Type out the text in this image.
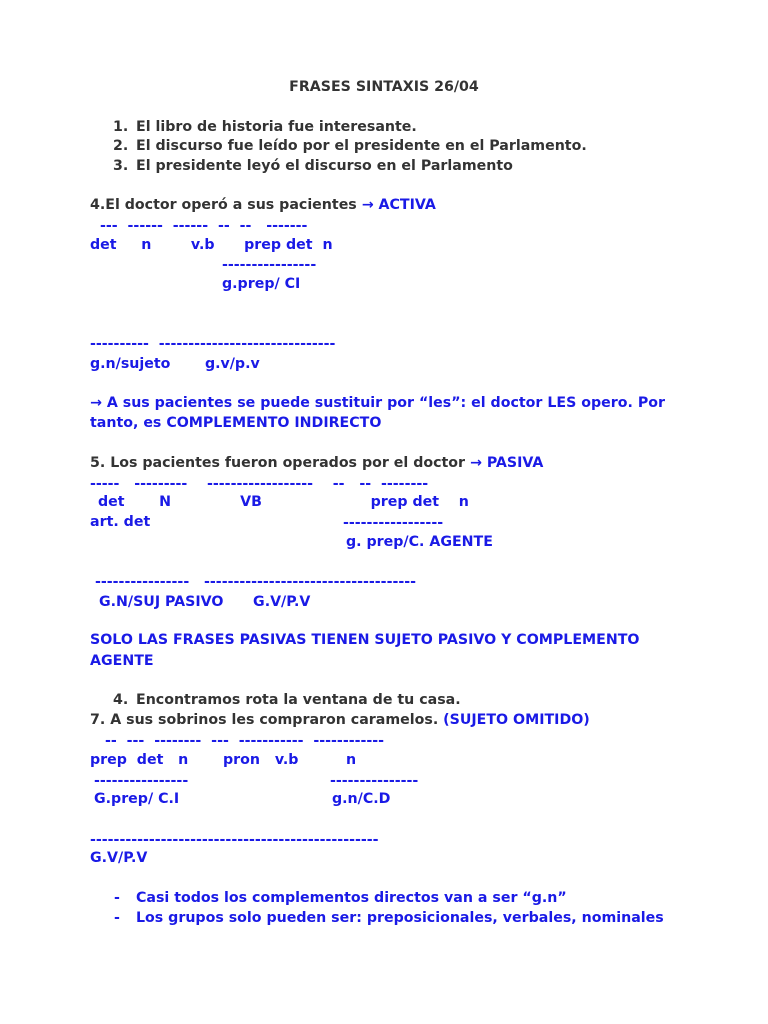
FRASES SINTAXIS 26/04
1. El libro de historia fue interesante.
2. El discurso fue leído por el presidente en el Parlamento.
3. El presidente leyó el discurso en el Parlamento
4.El doctor operó a sus pacientes → ACTIVA
---  ------  ------  --  --   -------
det     n        v.b      prep det  n
----------------
g.prep/ CI
----------  ------------------------------
g.n/sujeto       g.v/p.v
→ A sus pacientes se puede sustituir por “les”: el doctor LES opero. Por
tanto, es COMPLEMENTO INDIRECTO
5. Los pacientes fueron operados por el doctor → PASIVA
-----   ---------    ------------------    --   --  --------
det       N              VB                      prep det    n
art. det	-----------------
g. prep/C. AGENTE
----------------   ------------------------------------
G.N/SUJ PASIVO      G.V/P.V
SOLO LAS FRASES PASIVAS TIENEN SUJETO PASIVO Y COMPLEMENTO
AGENTE
4. Encontramos rota la ventana de tu casa.
7. A sus sobrinos les compraron caramelos. (SUJETO OMITIDO)
--  ---  --------  ---  -----------  ------------
prep  det   n pron   v.b	n
----------------	---------------
G.prep/ C.I	g.n/C.D
-------------------------------------------------
G.V/P.V
- Casi todos los complementos directos van a ser “g.n”
- Los grupos solo pueden ser: preposicionales, verbales, nominales
